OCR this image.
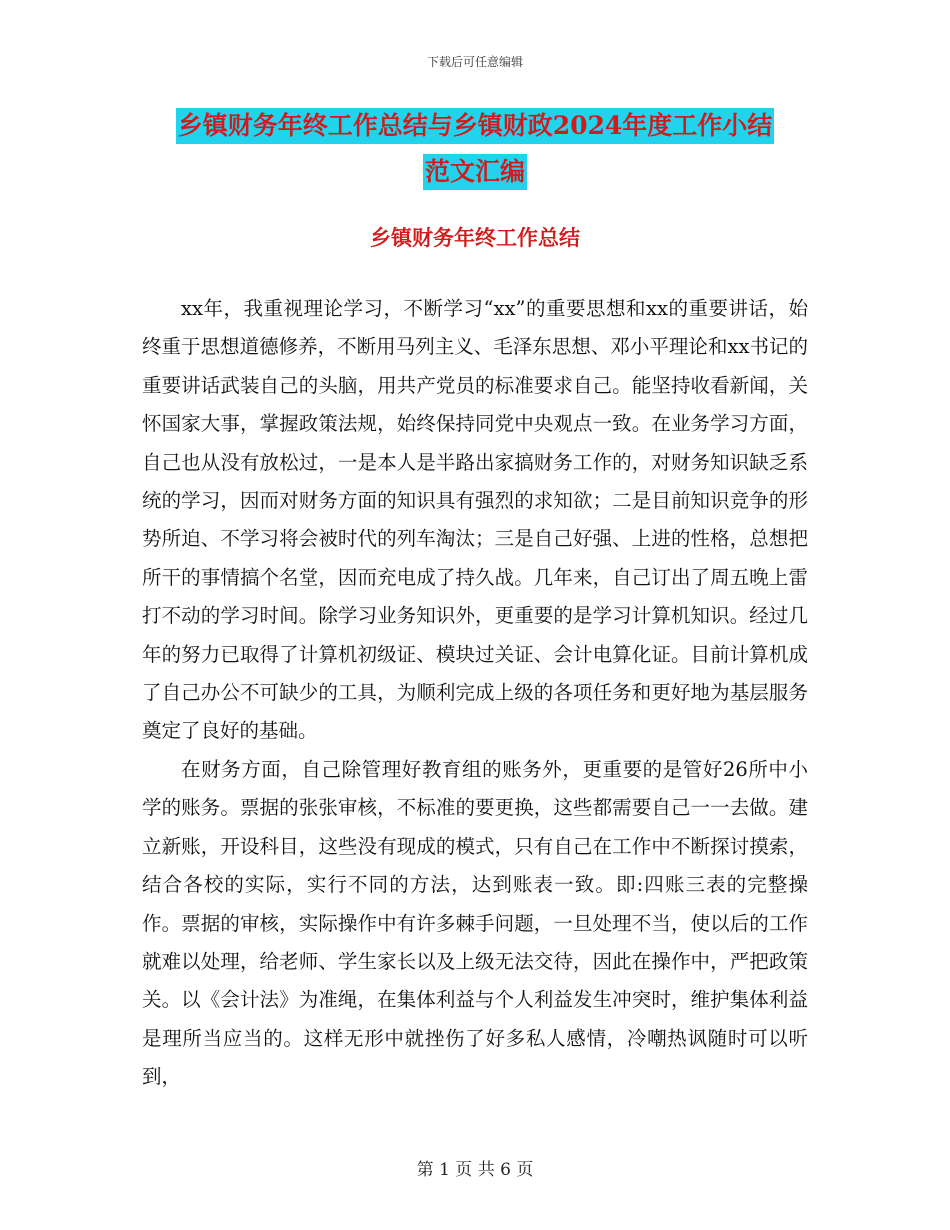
下载后可任意编辑
乡镇财务年终工作总结与乡镇财政2024年度工作小结
范文汇编
乡镇财务年终工作总结

xx年，我重视理论学习，不断学习“xx”的重要思想和xx的重要讲话，始终重于思想道德修养，不断用马列主义、毛泽东思想、邓小平理论和xx书记的重要讲话武装自己的头脑，用共产党员的标准要求自己。能坚持收看新闻，关怀国家大事，掌握政策法规，始终保持同党中央观点一致。在业务学习方面，自己也从没有放松过，一是本人是半路出家搞财务工作的，对财务知识缺乏系统的学习，因而对财务方面的知识具有强烈的求知欲；二是目前知识竞争的形势所迫、不学习将会被时代的列车淘汰；三是自己好强、上进的性格，总想把所干的事情搞个名堂，因而充电成了持久战。几年来，自己订出了周五晚上雷打不动的学习时间。除学习业务知识外，更重要的是学习计算机知识。经过几年的努力已取得了计算机初级证、模块过关证、会计电算化证。目前计算机成了自己办公不可缺少的工具，为顺利完成上级的各项任务和更好地为基层服务奠定了良好的基础。

在财务方面，自己除管理好教育组的账务外，更重要的是管好26所中小学的账务。票据的张张审核，不标准的要更换，这些都需要自己一一去做。建立新账，开设科目，这些没有现成的模式，只有自己在工作中不断探讨摸索，结合各校的实际，实行不同的方法，达到账表一致。即:四账三表的完整操作。票据的审核，实际操作中有许多棘手问题，一旦处理不当，使以后的工作就难以处理，给老师、学生家长以及上级无法交待，因此在操作中，严把政策关。以《会计法》为准绳，在集体利益与个人利益发生冲突时，维护集体利益是理所当应当的。这样无形中就挫伤了好多私人感情，冷嘲热讽随时可以听到，

第 1 页 共 6 页
